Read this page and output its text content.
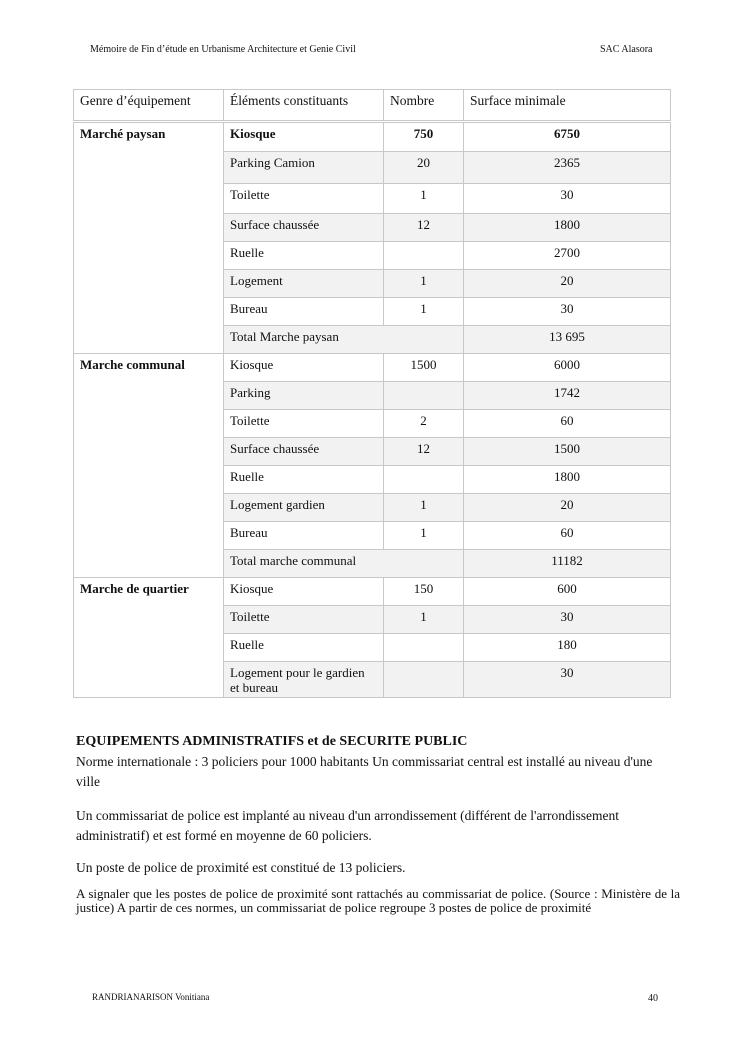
Mémoire de Fin d’étude en Urbanisme Architecture et Genie Civil	SAC Alasora
Genre d’équipement	Éléments constituants	Nombre	Surface minimale
Marché paysan	Kiosque	750	6750
	Parking Camion	20	2365
	Toilette	1	30
	Surface chaussée	12	1800
	Ruelle		2700
	Logement	1	20
	Bureau	1	30
	Total Marche paysan		13 695
Marche communal	Kiosque	1500	6000
	Parking		1742
	Toilette	2	60
	Surface chaussée	12	1500
	Ruelle		1800
	Logement gardien	1	20
	Bureau	1	60
	Total marche communal		11182
Marche de quartier	Kiosque	150	600
	Toilette	1	30
	Ruelle		180
	Logement pour le gardien et bureau		30
EQUIPEMENTS ADMINISTRATIFS et de SECURITE PUBLIC
Norme internationale : 3 policiers pour 1000 habitants Un commissariat central est installé au niveau d'une ville
Un commissariat de police est implanté au niveau d'un arrondissement (différent de l'arrondissement administratif) et est formé en moyenne de 60 policiers.
Un poste de police de proximité est constitué de 13 policiers.
A signaler que les postes de police de proximité sont rattachés au commissariat de police. (Source : Ministère de la justice) A partir de ces normes, un commissariat de police regroupe 3 postes de police de proximité
RANDRIANARISON Vonitiana	40
